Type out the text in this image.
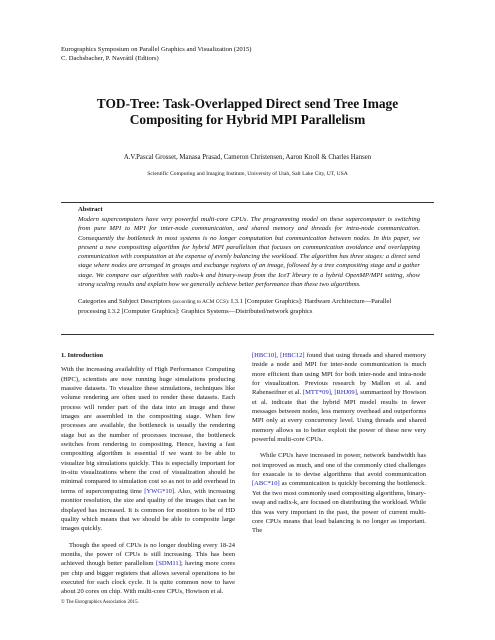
Eurographics Symposium on Parallel Graphics and Visualization (2015)
C. Dachsbacher, P. Navrátil (Editors)
TOD-Tree: Task-Overlapped Direct send Tree Image
Compositing for Hybrid MPI Parallelism
A.V.Pascal Grosset, Manasa Prasad, Cameron Christensen, Aaron Knoll & Charles Hansen
Scientific Computing and Imaging Institute, University of Utah, Salt Lake City, UT, USA
Abstract
Modern supercomputers have very powerful multi-core CPUs. The programming model on these supercomputer is switching from pure MPI to MPI for inter-node communication, and shared memory and threads for intra-node communication. Consequently the bottleneck in most systems is no longer computation but communication between nodes. In this paper, we present a new compositing algorithm for hybrid MPI parallelism that focuses on communication avoidance and overlapping communication with computation at the expense of evenly balancing the workload. The algorithm has three stages: a direct send stage where nodes are arranged in groups and exchange regions of an image, followed by a tree compositing stage and a gather stage. We compare our algorithm with radix-k and binary-swap from the IceT library in a hybrid OpenMP/MPI setting, show strong scaling results and explain how we generally achieve better performance than these two algorithms.
Categories and Subject Descriptors (according to ACM CCS): I.3.1 [Computer Graphics]: Hardware Architecture—Parallel processing I.3.2 [Computer Graphics]: Graphics Systems—Distributed/network graphics
1. Introduction

With the increasing availability of High Performance Computing (HPC), scientists are now running huge simulations producing massive datasets. To visualize these simulations, techniques like volume rendering are often used to render these datasets. Each process will render part of the data into an image and these images are assembled in the compositing stage. When few processes are available, the bottleneck is usually the rendering stage but as the number of processes increase, the bottleneck switches from rendering to compositing. Hence, having a fast compositing algorithm is essential if we want to be able to visualize big simulations quickly. This is especially important for in-situ visualizations where the cost of visualization should be minimal compared to simulation cost so as not to add overhead in terms of supercomputing time [YWG*10]. Also, with increasing monitor resolution, the size and quality of the images that can be displayed has increased. It is common for monitors to be of HD quality which means that we should be able to composite large images quickly.

Though the speed of CPUs is no longer doubling every 18-24 months, the power of CPUs is still increasing. This has been achieved though better parallelism [SDM11]; having more cores per chip and bigger registers that allows several operations to be executed for each clock cycle. It is quite common now to have about 20 cores on chip. With multi-core CPUs, Howison et al.

[HBC10], [HBC12] found that using threads and shared memory inside a node and MPI for inter-node communication is much more efficient than using MPI for both inter-node and intra-node for visualization. Previous research by Mallon et al. and Rabenseifner et al. [MTT*09], [RHJ09], summarized by Howison et al. indicate that the hybrid MPI model results in fewer messages between nodes, less memory overhead and outperforms MPI only at every concurrency level. Using threads and shared memory allows us to better exploit the power of these new very powerful multi-core CPUs.

While CPUs have increased in power, network bandwidth has not improved as much, and one of the commonly cited challenges for exascale is to devise algorithms that avoid communication [ABC*10] as communication is quickly becoming the bottleneck. Yet the two most commonly used compositing algorithms, binary-swap and radix-k, are focused on distributing the workload. While this was very important in the past, the power of current multi-core CPUs means that load balancing is no longer as important. The

© The Eurographics Association 2015.
